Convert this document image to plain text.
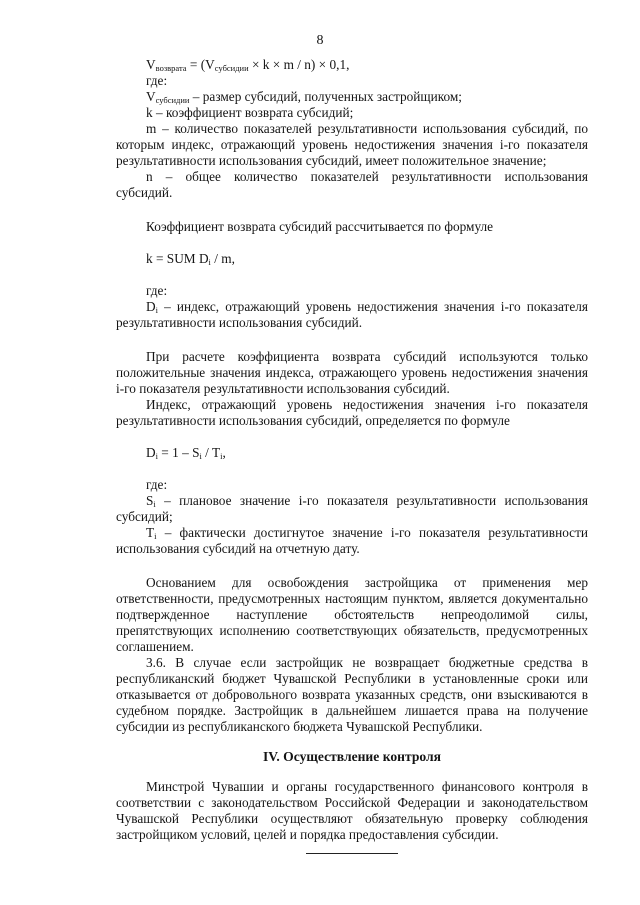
8

$V_{возврата} = (V_{субсидии} \times k \times m / n) \times 0,1$,

где:

$V_{субсидии}$ – размер субсидий, полученных застройщиком;

k – коэффициент возврата субсидий;

m – количество показателей результативности использования субсидий, по которым индекс, отражающий уровень недостижения значения i-го показателя результативности использования субсидий, имеет положительное значение;

n – общее количество показателей результативности использования субсидий.

Коэффициент возврата субсидий рассчитывается по формуле

k = SUM $D_i$ / m,

где:

$D_i$ – индекс, отражающий уровень недостижения значения i-го показателя результативности использования субсидий.

При расчете коэффициента возврата субсидий используются только положительные значения индекса, отражающего уровень недостижения значения i-го показателя результативности использования субсидий.

Индекс, отражающий уровень недостижения значения i-го показателя результативности использования субсидий, определяется по формуле

$D_i = 1 - S_i / T_i$,

где:

$S_i$ – плановое значение i-го показателя результативности использования субсидий;

$T_i$ – фактически достигнутое значение i-го показателя результативности использования субсидий на отчетную дату.

Основанием для освобождения застройщика от применения мер ответственности, предусмотренных настоящим пунктом, является документально подтвержденное наступление обстоятельств непреодолимой силы, препятствующих исполнению соответствующих обязательств, предусмотренных соглашением.

3.6. В случае если застройщик не возвращает бюджетные средства в республиканский бюджет Чувашской Республики в установленные сроки или отказывается от добровольного возврата указанных средств, они взыскиваются в судебном порядке. Застройщик в дальнейшем лишается права на получение субсидии из республиканского бюджета Чувашской Республики.

IV. Осуществление контроля

Минстрой Чувашии и органы государственного финансового контроля в соответствии с законодательством Российской Федерации и законодательством Чувашской Республики осуществляют обязательную проверку соблюдения застройщиком условий, целей и порядка предоставления субсидии.
